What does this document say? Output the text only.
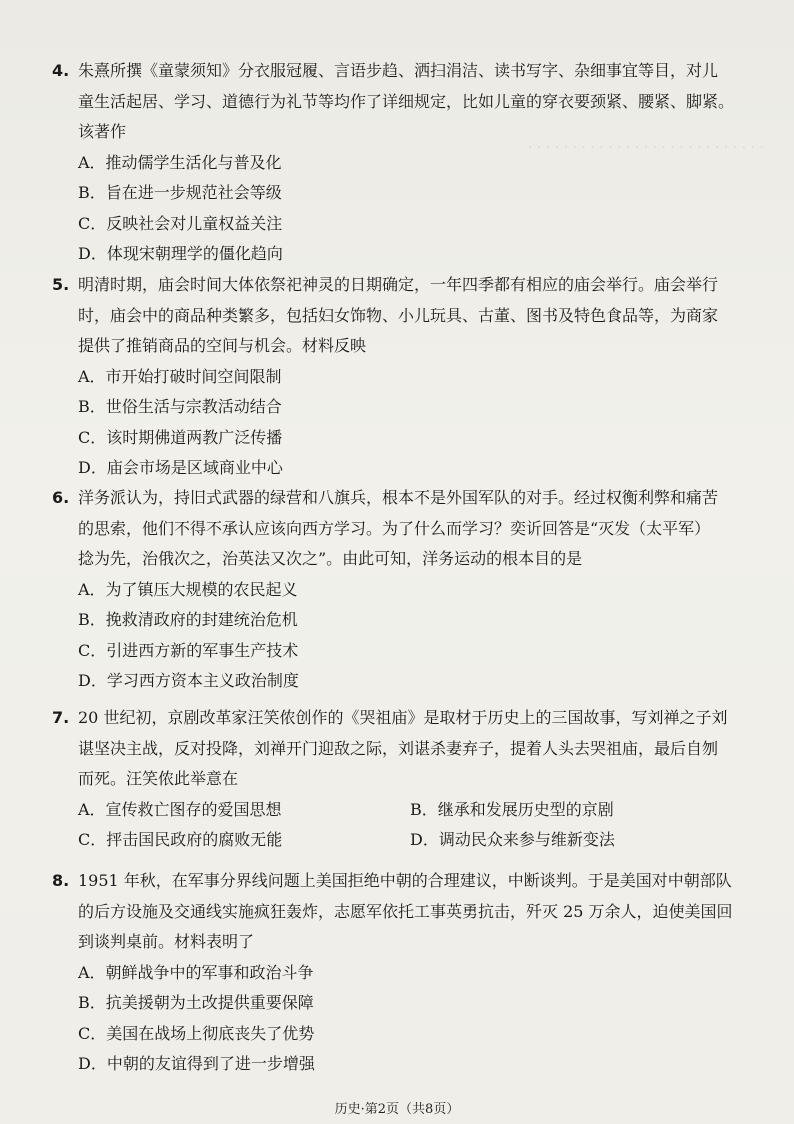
· · · · · · · · · · · · · · · · · · · · · · · · · · ·
4. 朱熹所撰《童蒙须知》分衣服冠履、言语步趋、洒扫涓洁、读书写字、杂细事宜等目，对儿
童生活起居、学习、道德行为礼节等均作了详细规定，比如儿童的穿衣要颈紧、腰紧、脚紧。
该著作
A．推动儒学生活化与普及化
B．旨在进一步规范社会等级
C．反映社会对儿童权益关注
D．体现宋朝理学的僵化趋向
5. 明清时期，庙会时间大体依祭祀神灵的日期确定，一年四季都有相应的庙会举行。庙会举行
时，庙会中的商品种类繁多，包括妇女饰物、小儿玩具、古董、图书及特色食品等，为商家
提供了推销商品的空间与机会。材料反映
A．市开始打破时间空间限制
B．世俗生活与宗教活动结合
C．该时期佛道两教广泛传播
D．庙会市场是区域商业中心
6. 洋务派认为，持旧式武器的绿营和八旗兵，根本不是外国军队的对手。经过权衡利弊和痛苦
的思索，他们不得不承认应该向西方学习。为了什么而学习？奕䜣回答是“灭发（太平军）
捻为先，治俄次之，治英法又次之”。由此可知，洋务运动的根本目的是
A．为了镇压大规模的农民起义
B．挽救清政府的封建统治危机
C．引进西方新的军事生产技术
D．学习西方资本主义政治制度
7. 20 世纪初，京剧改革家汪笑侬创作的《哭祖庙》是取材于历史上的三国故事，写刘禅之子刘
谌坚决主战，反对投降，刘禅开门迎敌之际，刘谌杀妻弃子，提着人头去哭祖庙，最后自刎
而死。汪笑侬此举意在
A．宣传救亡图存的爱国思想	B．继承和发展历史型的京剧
C．抨击国民政府的腐败无能	D．调动民众来参与维新变法
8. 1951 年秋，在军事分界线问题上美国拒绝中朝的合理建议，中断谈判。于是美国对中朝部队
的后方设施及交通线实施疯狂轰炸，志愿军依托工事英勇抗击，歼灭 25 万余人，迫使美国回
到谈判桌前。材料表明了
A．朝鲜战争中的军事和政治斗争
B．抗美援朝为土改提供重要保障
C．美国在战场上彻底丧失了优势
D．中朝的友谊得到了进一步增强
历史·第2页（共8页）
